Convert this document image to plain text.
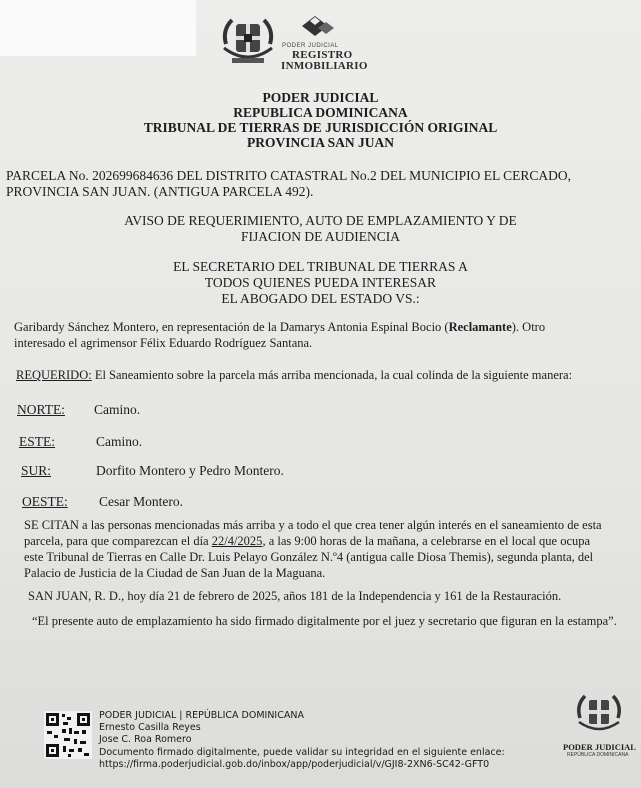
PODER JUDICIAL
REGISTRO
INMOBILIARIO
PODER JUDICIAL
REPUBLICA DOMINICANA
TRIBUNAL DE TIERRAS DE JURISDICCIÓN ORIGINAL
PROVINCIA SAN JUAN
PARCELA No. 202699684636 DEL DISTRITO CATASTRAL No.2 DEL MUNICIPIO EL CERCADO,
PROVINCIA SAN JUAN. (ANTIGUA PARCELA 492).
AVISO DE REQUERIMIENTO, AUTO DE EMPLAZAMIENTO Y DE
FIJACION DE AUDIENCIA
EL SECRETARIO DEL TRIBUNAL DE TIERRAS A
TODOS QUIENES PUEDA INTERESAR
EL ABOGADO DEL ESTADO VS.:
Garibardy Sánchez Montero, en representación de la Damarys Antonia Espinal Bocio (Reclamante). Otro
interesado el agrimensor Félix Eduardo Rodríguez Santana.
REQUERIDO: El Saneamiento sobre la parcela más arriba mencionada, la cual colinda de la siguiente manera:
NORTE: Camino.
ESTE:	Camino.
SUR:	Dorfito Montero y Pedro Montero.
OESTE: Cesar Montero.
SE CITAN a las personas mencionadas más arriba y a todo el que crea tener algún interés en el saneamiento de esta
parcela, para que comparezcan el día 22/4/2025, a las 9:00 horas de la mañana, a celebrarse en el local que ocupa
este Tribunal de Tierras en Calle Dr. Luis Pelayo González N.º4 (antigua calle Diosa Themis), segunda planta, del
Palacio de Justicia de la Ciudad de San Juan de la Maguana.
SAN JUAN, R. D., hoy día 21 de febrero de 2025, años 181 de la Independencia y 161 de la Restauración.
“El presente auto de emplazamiento ha sido firmado digitalmente por el juez y secretario que figuran en la estampa”.
PODER JUDICIAL | REPÚBLICA DOMINICANA
Ernesto Casilla Reyes
Jose C. Roa Romero
Documento firmado digitalmente, puede validar su integridad en el siguiente enlace:
https://firma.poderjudicial.gob.do/inbox/app/poderjudicial/v/GJI8-2XN6-SC42-GFT0
PODER JUDICIAL
REPÚBLICA DOMINICANA
